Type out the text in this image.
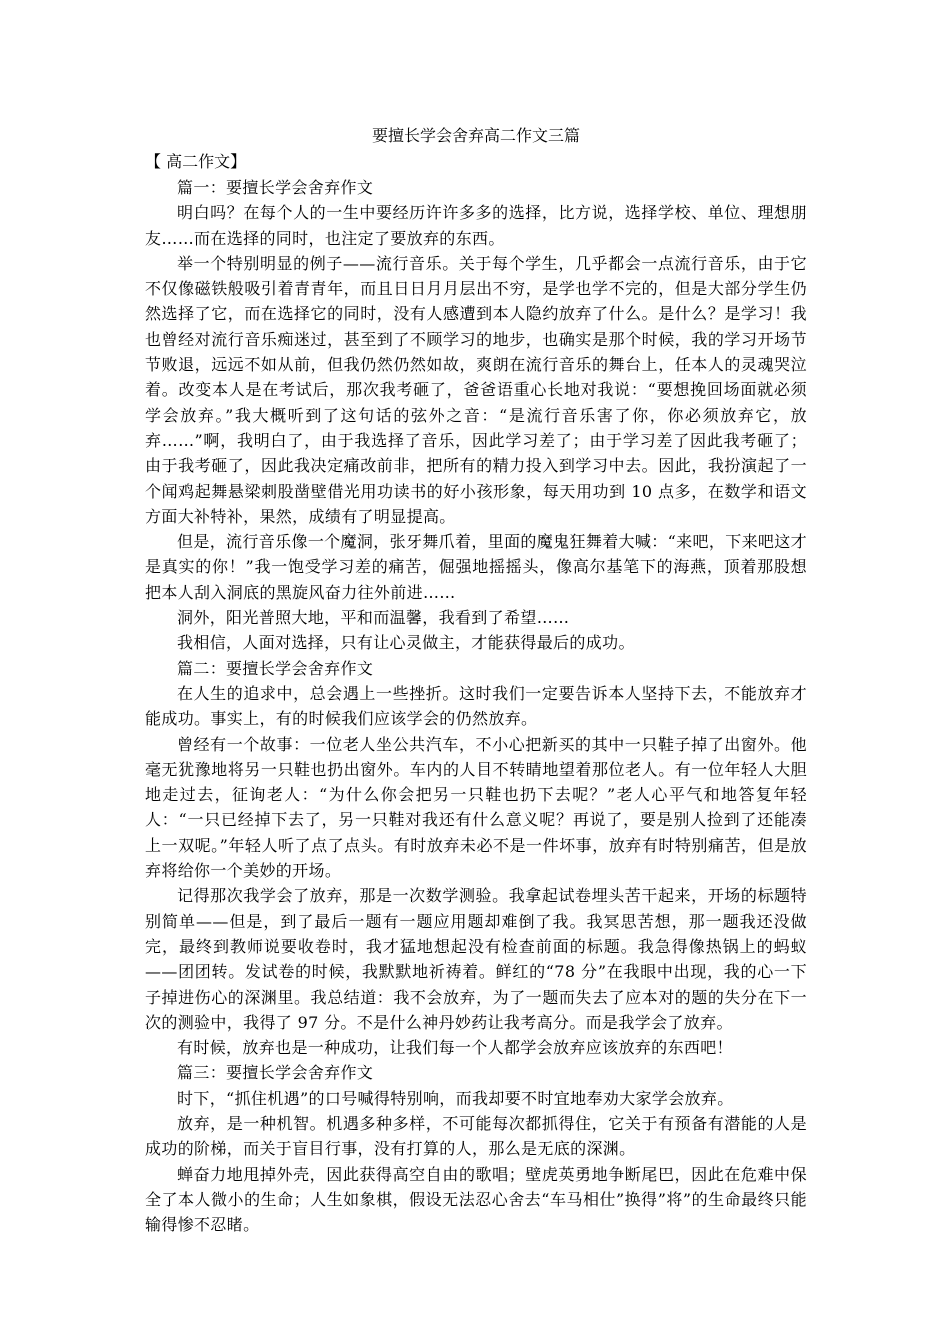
要擅长学会舍弃高二作文三篇
【 高二作文】

篇一：要擅长学会舍弃作文

明白吗？在每个人的一生中要经历许许多多的选择，比方说，选择学校、单位、理想朋友……而在选择的同时，也注定了要放弃的东西。

举一个特别明显的例子——流行音乐。关于每个学生，几乎都会一点流行音乐，由于它不仅像磁铁般吸引着青青年，而且日日月月层出不穷，是学也学不完的，但是大部分学生仍然选择了它，而在选择它的同时，没有人感遭到本人隐约放弃了什么。是什么？是学习！我也曾经对流行音乐痴迷过，甚至到了不顾学习的地步，也确实是那个时候，我的学习开场节节败退，远远不如从前，但我仍然仍然如故，爽朗在流行音乐的舞台上，任本人的灵魂哭泣着。改变本人是在考试后，那次我考砸了，爸爸语重心长地对我说：“要想挽回场面就必须学会放弃。”我大概听到了这句话的弦外之音：“是流行音乐害了你，你必须放弃它，放弃……”啊，我明白了，由于我选择了音乐，因此学习差了；由于学习差了因此我考砸了；由于我考砸了，因此我决定痛改前非，把所有的精力投入到学习中去。因此，我扮演起了一个闻鸡起舞悬梁刺股凿壁借光用功读书的好小孩形象，每天用功到 10 点多，在数学和语文方面大补特补，果然，成绩有了明显提高。

但是，流行音乐像一个魔洞，张牙舞爪着，里面的魔鬼狂舞着大喊：“来吧，下来吧这才是真实的你！”我一饱受学习差的痛苦，倔强地摇摇头，像高尔基笔下的海燕，顶着那股想把本人刮入洞底的黑旋风奋力往外前进……

洞外，阳光普照大地，平和而温馨，我看到了希望……

我相信，人面对选择，只有让心灵做主，才能获得最后的成功。

篇二：要擅长学会舍弃作文

在人生的追求中，总会遇上一些挫折。这时我们一定要告诉本人坚持下去，不能放弃才能成功。事实上，有的时候我们应该学会的仍然放弃。

曾经有一个故事：一位老人坐公共汽车，不小心把新买的其中一只鞋子掉了出窗外。他毫无犹豫地将另一只鞋也扔出窗外。车内的人目不转睛地望着那位老人。有一位年轻人大胆地走过去，征询老人：“为什么你会把另一只鞋也扔下去呢？”老人心平气和地答复年轻人：“一只已经掉下去了，另一只鞋对我还有什么意义呢？再说了，要是别人捡到了还能凑上一双呢。”年轻人听了点了点头。有时放弃未必不是一件坏事，放弃有时特别痛苦，但是放弃将给你一个美妙的开场。

记得那次我学会了放弃，那是一次数学测验。我拿起试卷埋头苦干起来，开场的标题特别简单——但是，到了最后一题有一题应用题却难倒了我。我冥思苦想，那一题我还没做完，最终到教师说要收卷时，我才猛地想起没有检查前面的标题。我急得像热锅上的蚂蚁——团团转。发试卷的时候，我默默地祈祷着。鲜红的“78 分”在我眼中出现，我的心一下子掉进伤心的深渊里。我总结道：我不会放弃，为了一题而失去了应本对的题的失分在下一次的测验中，我得了 97 分。不是什么神丹妙药让我考高分。而是我学会了放弃。

有时候，放弃也是一种成功，让我们每一个人都学会放弃应该放弃的东西吧！

篇三：要擅长学会舍弃作文

时下，“抓住机遇”的口号喊得特别响，而我却要不时宜地奉劝大家学会放弃。

放弃，是一种机智。机遇多种多样，不可能每次都抓得住，它关于有预备有潜能的人是成功的阶梯，而关于盲目行事，没有打算的人，那么是无底的深渊。

蝉奋力地甩掉外壳，因此获得高空自由的歌唱；壁虎英勇地争断尾巴，因此在危难中保全了本人微小的生命；人生如象棋，假设无法忍心舍去“车马相仕”换得”将”的生命最终只能输得惨不忍睹。
